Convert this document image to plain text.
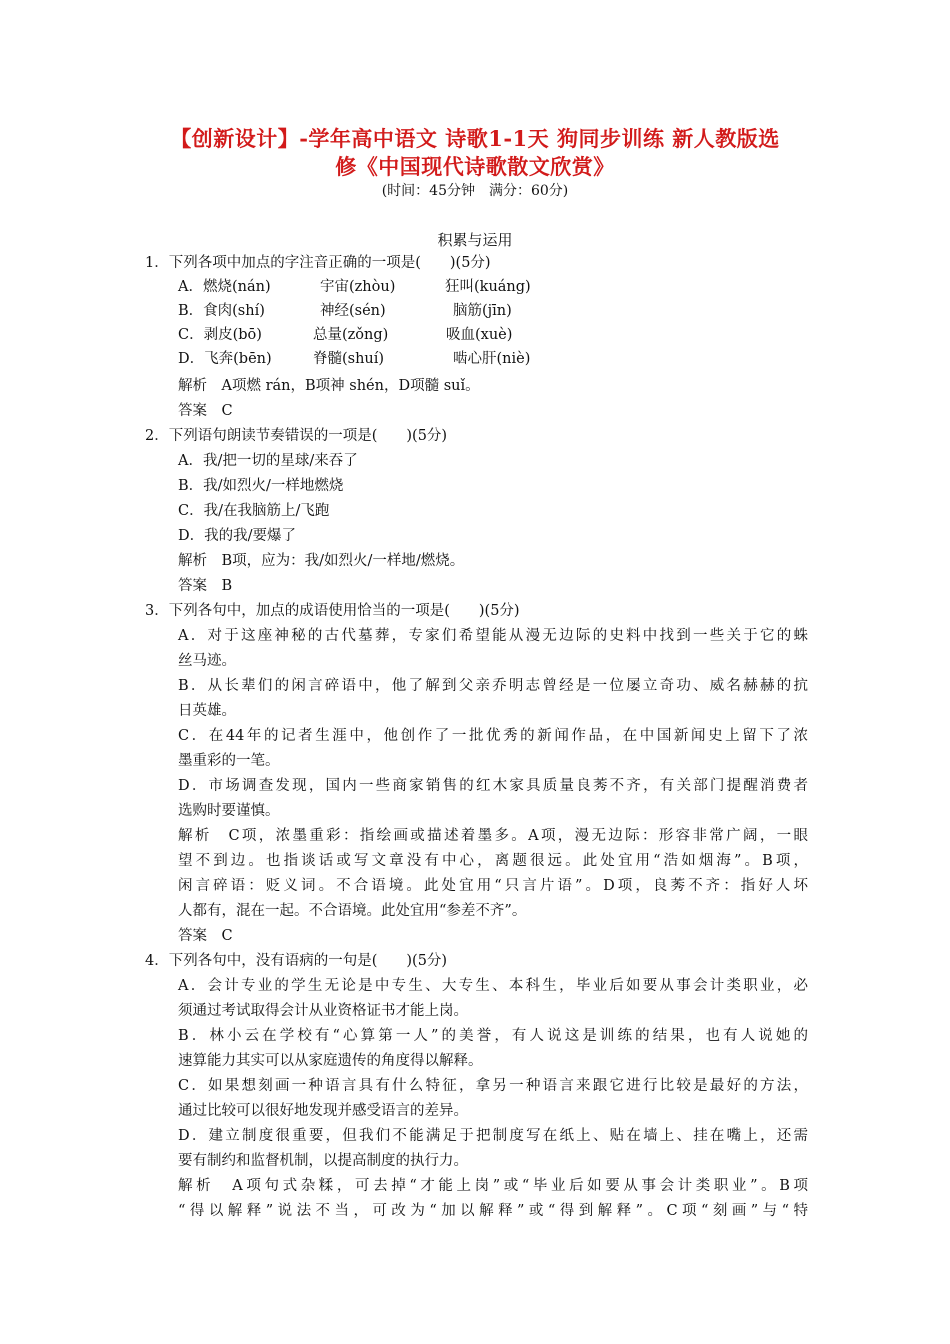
【创新设计】-学年高中语文 诗歌1-1天 狗同步训练 新人教版选
修《中国现代诗歌散文欣赏》
(时间：45分钟　满分：60分)
积累与运用
1．下列各项中加点的字注音正确的一项是(　　)(5分)
A．燃烧(nán)	宇宙(zhòu)	狂叫(kuáng)
B．食肉(shí)	神经(sén)	脑筋(jīn)
C．剥皮(bō)	总量(zǒng)	吸血(xuè)
D．飞奔(bēn)	脊髓(shuí)	啮心肝(niè)
解析　A项燃 rán，B项神 shén，D项髓 suǐ。
答案　C
2．下列语句朗读节奏错误的一项是(　　)(5分)
A．我/把一切的星球/来吞了
B．我/如烈火/一样地燃烧
C．我/在我脑筋上/飞跑
D．我的我/要爆了
解析　B项，应为：我/如烈火/一样地/燃烧。
答案　B
3．下列各句中，加点的成语使用恰当的一项是(　　)(5分)
A．对于这座神秘的古代墓葬，专家们希望能从漫无边际的史料中找到一些关于它的蛛
丝马迹。
B．从长辈们的闲言碎语中，他了解到父亲乔明志曾经是一位屡立奇功、威名赫赫的抗
日英雄。
C．在44年的记者生涯中，他创作了一批优秀的新闻作品，在中国新闻史上留下了浓
墨重彩的一笔。
D．市场调查发现，国内一些商家销售的红木家具质量良莠不齐，有关部门提醒消费者
选购时要谨慎。
解析　C项，浓墨重彩：指绘画或描述着墨多。A项，漫无边际：形容非常广阔，一眼
望不到边。也指谈话或写文章没有中心，离题很远。此处宜用“浩如烟海”。B项，
闲言碎语：贬义词。不合语境。此处宜用“只言片语”。D项，良莠不齐：指好人坏
人都有，混在一起。不合语境。此处宜用“参差不齐”。
答案　C
4．下列各句中，没有语病的一句是(　　)(5分)
A．会计专业的学生无论是中专生、大专生、本科生，毕业后如要从事会计类职业，必
须通过考试取得会计从业资格证书才能上岗。
B．林小云在学校有“心算第一人”的美誉，有人说这是训练的结果，也有人说她的
速算能力其实可以从家庭遗传的角度得以解释。
C．如果想刻画一种语言具有什么特征，拿另一种语言来跟它进行比较是最好的方法，
通过比较可以很好地发现并感受语言的差异。
D．建立制度很重要，但我们不能满足于把制度写在纸上、贴在墙上、挂在嘴上，还需
要有制约和监督机制，以提高制度的执行力。
解析　A项句式杂糅，可去掉“才能上岗”或“毕业后如要从事会计类职业”。B项
“得以解释”说法不当，可改为“加以解释”或“得到解释”。C项“刻画”与“特
